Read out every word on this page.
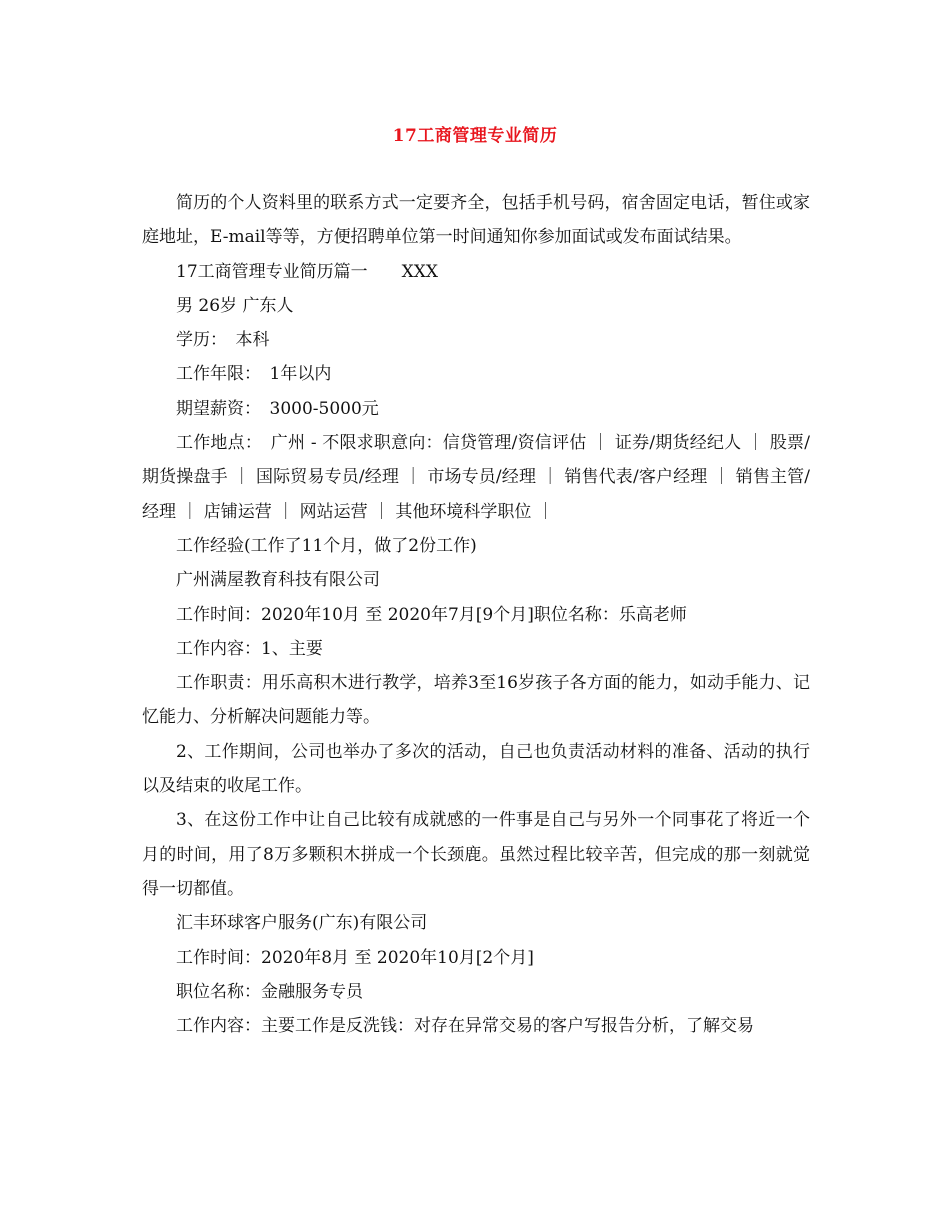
17工商管理专业简历

简历的个人资料里的联系方式一定要齐全，包括手机号码，宿舍固定电话，暂住或家庭地址，E-mail等等，方便招聘单位第一时间通知你参加面试或发布面试结果。

17工商管理专业简历篇一　　XXX

男 26岁 广东人

学历：　本科

工作年限：　1年以内

期望薪资：　3000-5000元

工作地点：　广州 - 不限求职意向：信贷管理/资信评估 ｜ 证券/期货经纪人 ｜ 股票/期货操盘手 ｜ 国际贸易专员/经理 ｜ 市场专员/经理 ｜ 销售代表/客户经理 ｜ 销售主管/经理 ｜ 店铺运营 ｜ 网站运营 ｜ 其他环境科学职位 ｜

工作经验(工作了11个月，做了2份工作)

广州满屋教育科技有限公司

工作时间：2020年10月 至 2020年7月[9个月]职位名称：乐高老师

工作内容：1、主要

工作职责：用乐高积木进行教学，培养3至16岁孩子各方面的能力，如动手能力、记忆能力、分析解决问题能力等。

2、工作期间，公司也举办了多次的活动，自己也负责活动材料的准备、活动的执行以及结束的收尾工作。

3、在这份工作中让自己比较有成就感的一件事是自己与另外一个同事花了将近一个月的时间，用了8万多颗积木拼成一个长颈鹿。虽然过程比较辛苦，但完成的那一刻就觉得一切都值。

汇丰环球客户服务(广东)有限公司

工作时间：2020年8月 至 2020年10月[2个月]

职位名称：金融服务专员

工作内容：主要工作是反洗钱：对存在异常交易的客户写报告分析，了解交易
